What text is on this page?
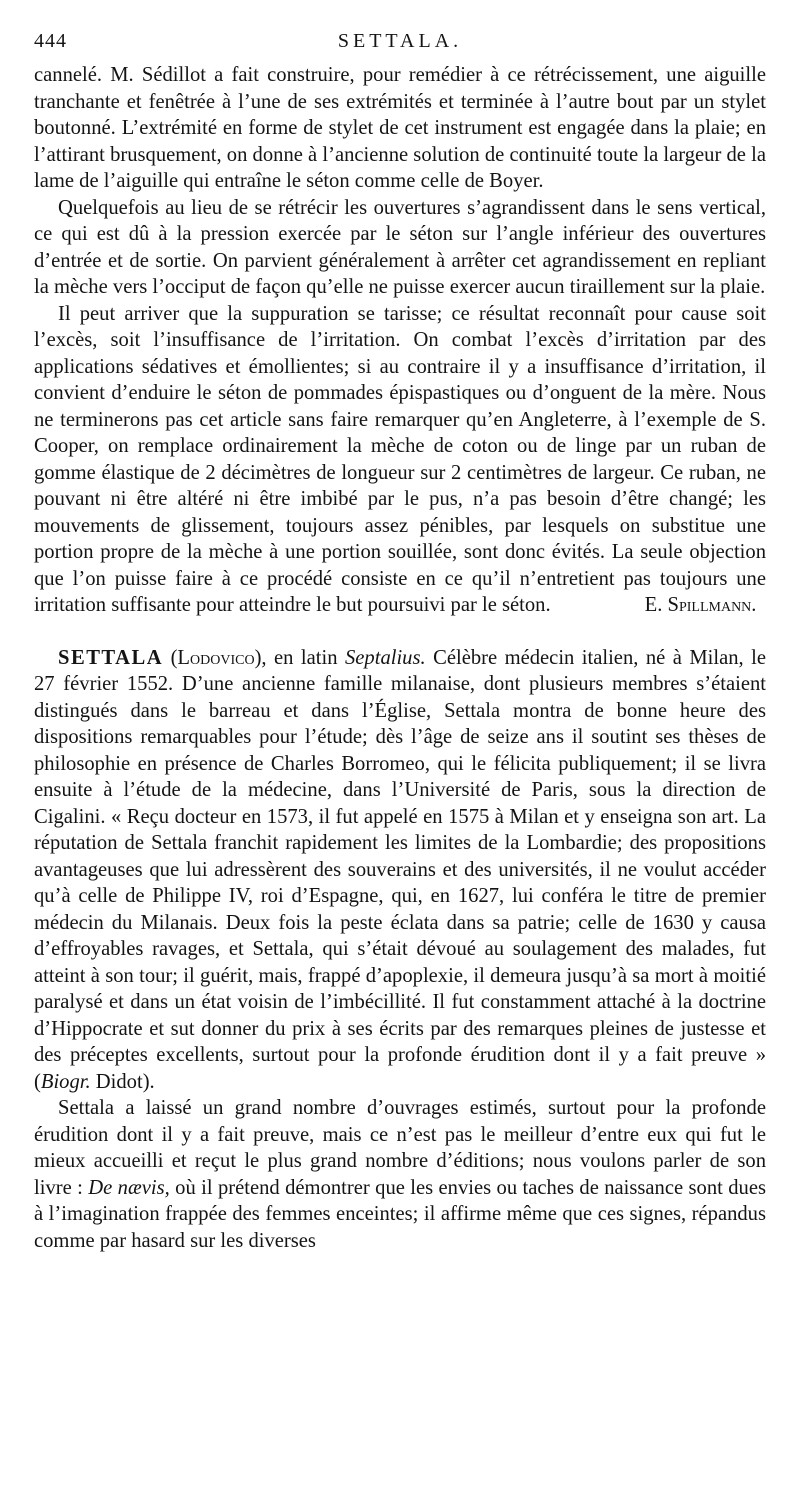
444	SETTALA.

cannelé. M. Sédillot a fait construire, pour remédier à ce rétrécissement, une aiguille tranchante et fenêtrée à l’une de ses extrémités et terminée à l’autre bout par un stylet boutonné. L’extrémité en forme de stylet de cet instrument est engagée dans la plaie; en l’attirant brusquement, on donne à l’ancienne solution de continuité toute la largeur de la lame de l’aiguille qui entraîne le séton comme celle de Boyer.

Quelquefois au lieu de se rétrécir les ouvertures s’agrandissent dans le sens vertical, ce qui est dû à la pression exercée par le séton sur l’angle inférieur des ouvertures d’entrée et de sortie. On parvient généralement à arrêter cet agrandissement en repliant la mèche vers l’occiput de façon qu’elle ne puisse exercer aucun tiraillement sur la plaie.

Il peut arriver que la suppuration se tarisse; ce résultat reconnaît pour cause soit l’excès, soit l’insuffisance de l’irritation. On combat l’excès d’irritation par des applications sédatives et émollientes; si au contraire il y a insuffisance d’irritation, il convient d’enduire le séton de pommades épispastiques ou d’onguent de la mère. Nous ne terminerons pas cet article sans faire remarquer qu’en Angleterre, à l’exemple de S. Cooper, on remplace ordinairement la mèche de coton ou de linge par un ruban de gomme élastique de 2 décimètres de longueur sur 2 centimètres de largeur. Ce ruban, ne pouvant ni être altéré ni être imbibé par le pus, n’a pas besoin d’être changé; les mouvements de glissement, toujours assez pénibles, par lesquels on substitue une portion propre de la mèche à une portion souillée, sont donc évités. La seule objection que l’on puisse faire à ce procédé consiste en ce qu’il n’entretient pas toujours une irritation suffisante pour atteindre le but poursuivi par le séton.	E. Spillmann.

SETTALA (Lodovico), en latin Septalius. Célèbre médecin italien, né à Milan, le 27 février 1552. D’une ancienne famille milanaise, dont plusieurs membres s’étaient distingués dans le barreau et dans l’Église, Settala montra de bonne heure des dispositions remarquables pour l’étude; dès l’âge de seize ans il soutint ses thèses de philosophie en présence de Charles Borromeo, qui le félicita publiquement; il se livra ensuite à l’étude de la médecine, dans l’Université de Paris, sous la direction de Cigalini. « Reçu docteur en 1573, il fut appelé en 1575 à Milan et y enseigna son art. La réputation de Settala franchit rapidement les limites de la Lombardie; des propositions avantageuses que lui adressèrent des souverains et des universités, il ne voulut accéder qu’à celle de Philippe IV, roi d’Espagne, qui, en 1627, lui conféra le titre de premier médecin du Milanais. Deux fois la peste éclata dans sa patrie; celle de 1630 y causa d’effroyables ravages, et Settala, qui s’était dévoué au soulagement des malades, fut atteint à son tour; il guérit, mais, frappé d’apoplexie, il demeura jusqu’à sa mort à moitié paralysé et dans un état voisin de l’imbécillité. Il fut constamment attaché à la doctrine d’Hippocrate et sut donner du prix à ses écrits par des remarques pleines de justesse et des préceptes excellents, surtout pour la profonde érudition dont il y a fait preuve » (Biogr. Didot).

Settala a laissé un grand nombre d’ouvrages estimés, surtout pour la profonde érudition dont il y a fait preuve, mais ce n’est pas le meilleur d’entre eux qui fut le mieux accueilli et reçut le plus grand nombre d’éditions; nous voulons parler de son livre : De nævis, où il prétend démontrer que les envies ou taches de naissance sont dues à l’imagination frappée des femmes enceintes; il affirme même que ces signes, répandus comme par hasard sur les diverses
